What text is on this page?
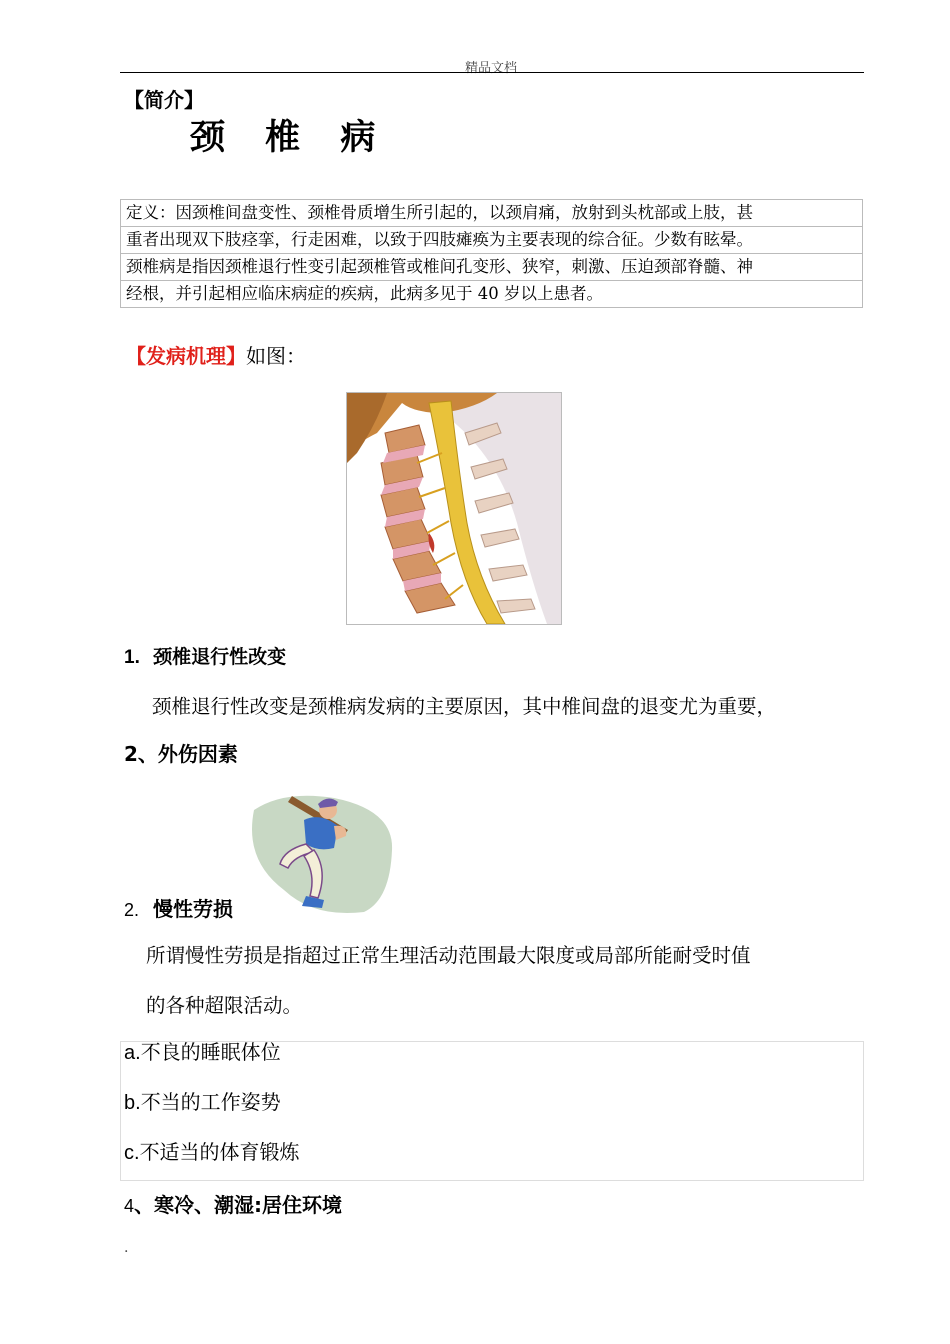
精品文档
【简介】
颈 椎 病
定义：因颈椎间盘变性、颈椎骨质增生所引起的，以颈肩痛，放射到头枕部或上肢，甚
重者出现双下肢痉挛，行走困难，以致于四肢瘫痪为主要表现的综合征。少数有眩晕。
颈椎病是指因颈椎退行性变引起颈椎管或椎间孔变形、狭窄，刺激、压迫颈部脊髓、神
经根，并引起相应临床病症的疾病，此病多见于 40 岁以上患者。
【发病机理】如图：
1. 颈椎退行性改变
颈椎退行性改变是颈椎病发病的主要原因，其中椎间盘的退变尤为重要，
2、外伤因素
2. 慢性劳损
所谓慢性劳损是指超过正常生理活动范围最大限度或局部所能耐受时值
的各种超限活动。
a.不良的睡眠体位
b.不当的工作姿势
c.不适当的体育锻炼
4、寒冷、潮湿:居住环境
.
